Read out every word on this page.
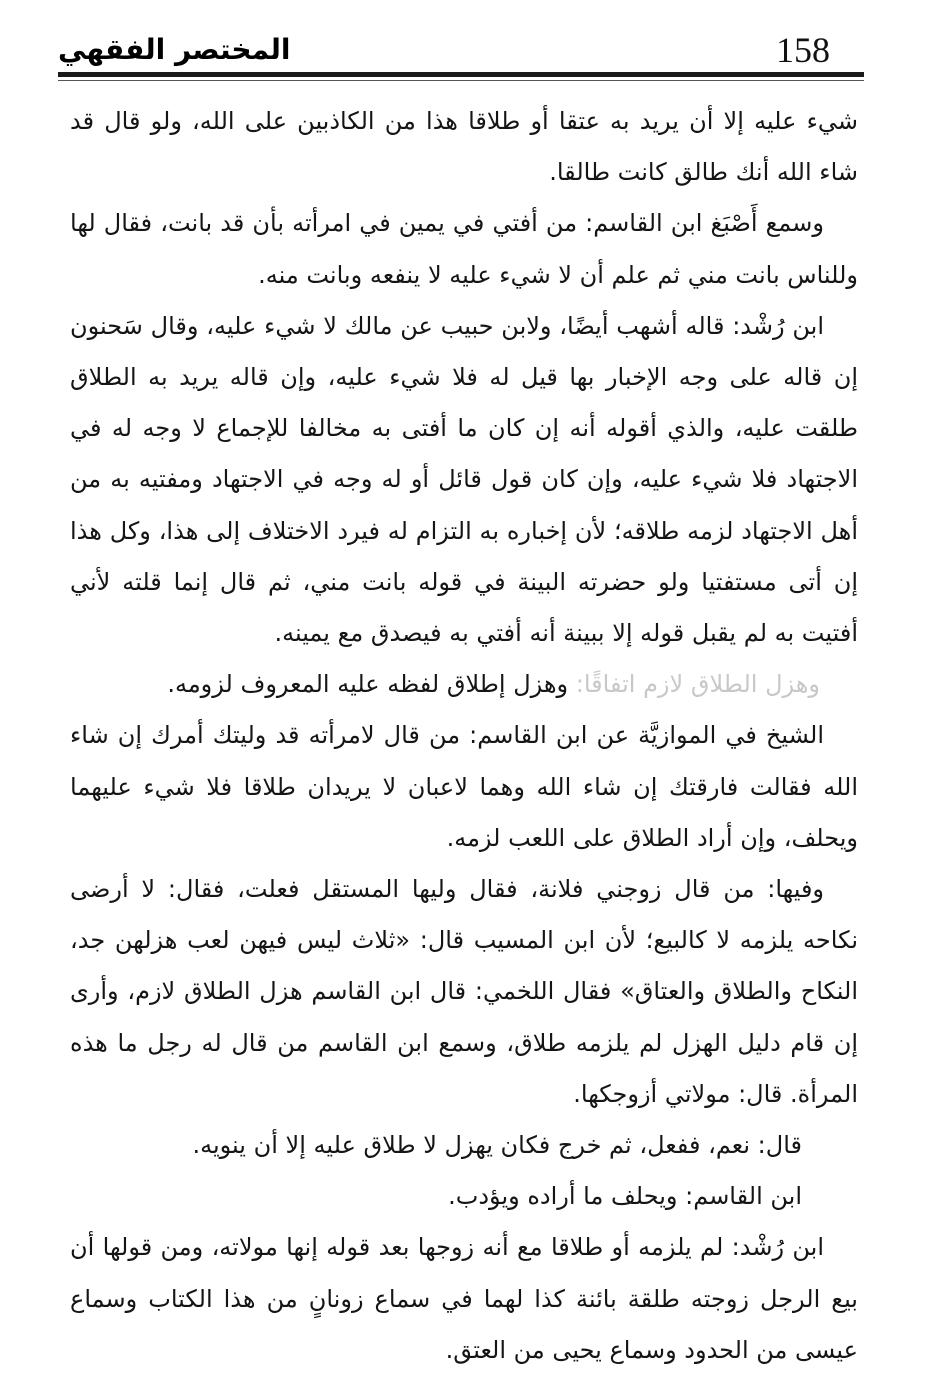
158
المختصر الفقهي

شيء عليه إلا أن يريد به عتقا أو طلاقا هذا من الكاذبين على الله، ولو قال قد شاء الله أنك طالق كانت طالقا.

وسمع أَصْبَغ ابن القاسم: من أفتي في يمين في امرأته بأن قد بانت، فقال لها وللناس بانت مني ثم علم أن لا شيء عليه لا ينفعه وبانت منه.

ابن رُشْد: قاله أشهب أيضًا، ولابن حبيب عن مالك لا شيء عليه، وقال سَحنون إن قاله على وجه الإخبار بها قيل له فلا شيء عليه، وإن قاله يريد به الطلاق طلقت عليه، والذي أقوله أنه إن كان ما أفتى به مخالفا للإجماع لا وجه له في الاجتهاد فلا شيء عليه، وإن كان قول قائل أو له وجه في الاجتهاد ومفتيه به من أهل الاجتهاد لزمه طلاقه؛ لأن إخباره به التزام له فيرد الاختلاف إلى هذا، وكل هذا إن أتى مستفتيا ولو حضرته البينة في قوله بانت مني، ثم قال إنما قلته لأني أفتيت به لم يقبل قوله إلا ببينة أنه أفتي به فيصدق مع يمينه.

وهزل الطلاق لازم اتفاقًا: وهزل إطلاق لفظه عليه المعروف لزومه.

الشيخ في الموازيَّة عن ابن القاسم: من قال لامرأته قد وليتك أمرك إن شاء الله فقالت فارقتك إن شاء الله وهما لاعبان لا يريدان طلاقا فلا شيء عليهما ويحلف، وإن أراد الطلاق على اللعب لزمه.

وفيها: من قال زوجني فلانة، فقال وليها المستقل فعلت، فقال: لا أرضى نكاحه يلزمه لا كالبيع؛ لأن ابن المسيب قال: «ثلاث ليس فيهن لعب هزلهن جد، النكاح والطلاق والعتاق» فقال اللخمي: قال ابن القاسم هزل الطلاق لازم، وأرى إن قام دليل الهزل لم يلزمه طلاق، وسمع ابن القاسم من قال له رجل ما هذه المرأة. قال: مولاتي أزوجكها.

قال: نعم، ففعل، ثم خرج فكان يهزل لا طلاق عليه إلا أن ينويه.

ابن القاسم: ويحلف ما أراده ويؤدب.

ابن رُشْد: لم يلزمه أو طلاقا مع أنه زوجها بعد قوله إنها مولاته، ومن قولها أن بيع الرجل زوجته طلقة بائنة كذا لهما في سماع زونانٍ من هذا الكتاب وسماع عيسى من الحدود وسماع يحيى من العتق.
